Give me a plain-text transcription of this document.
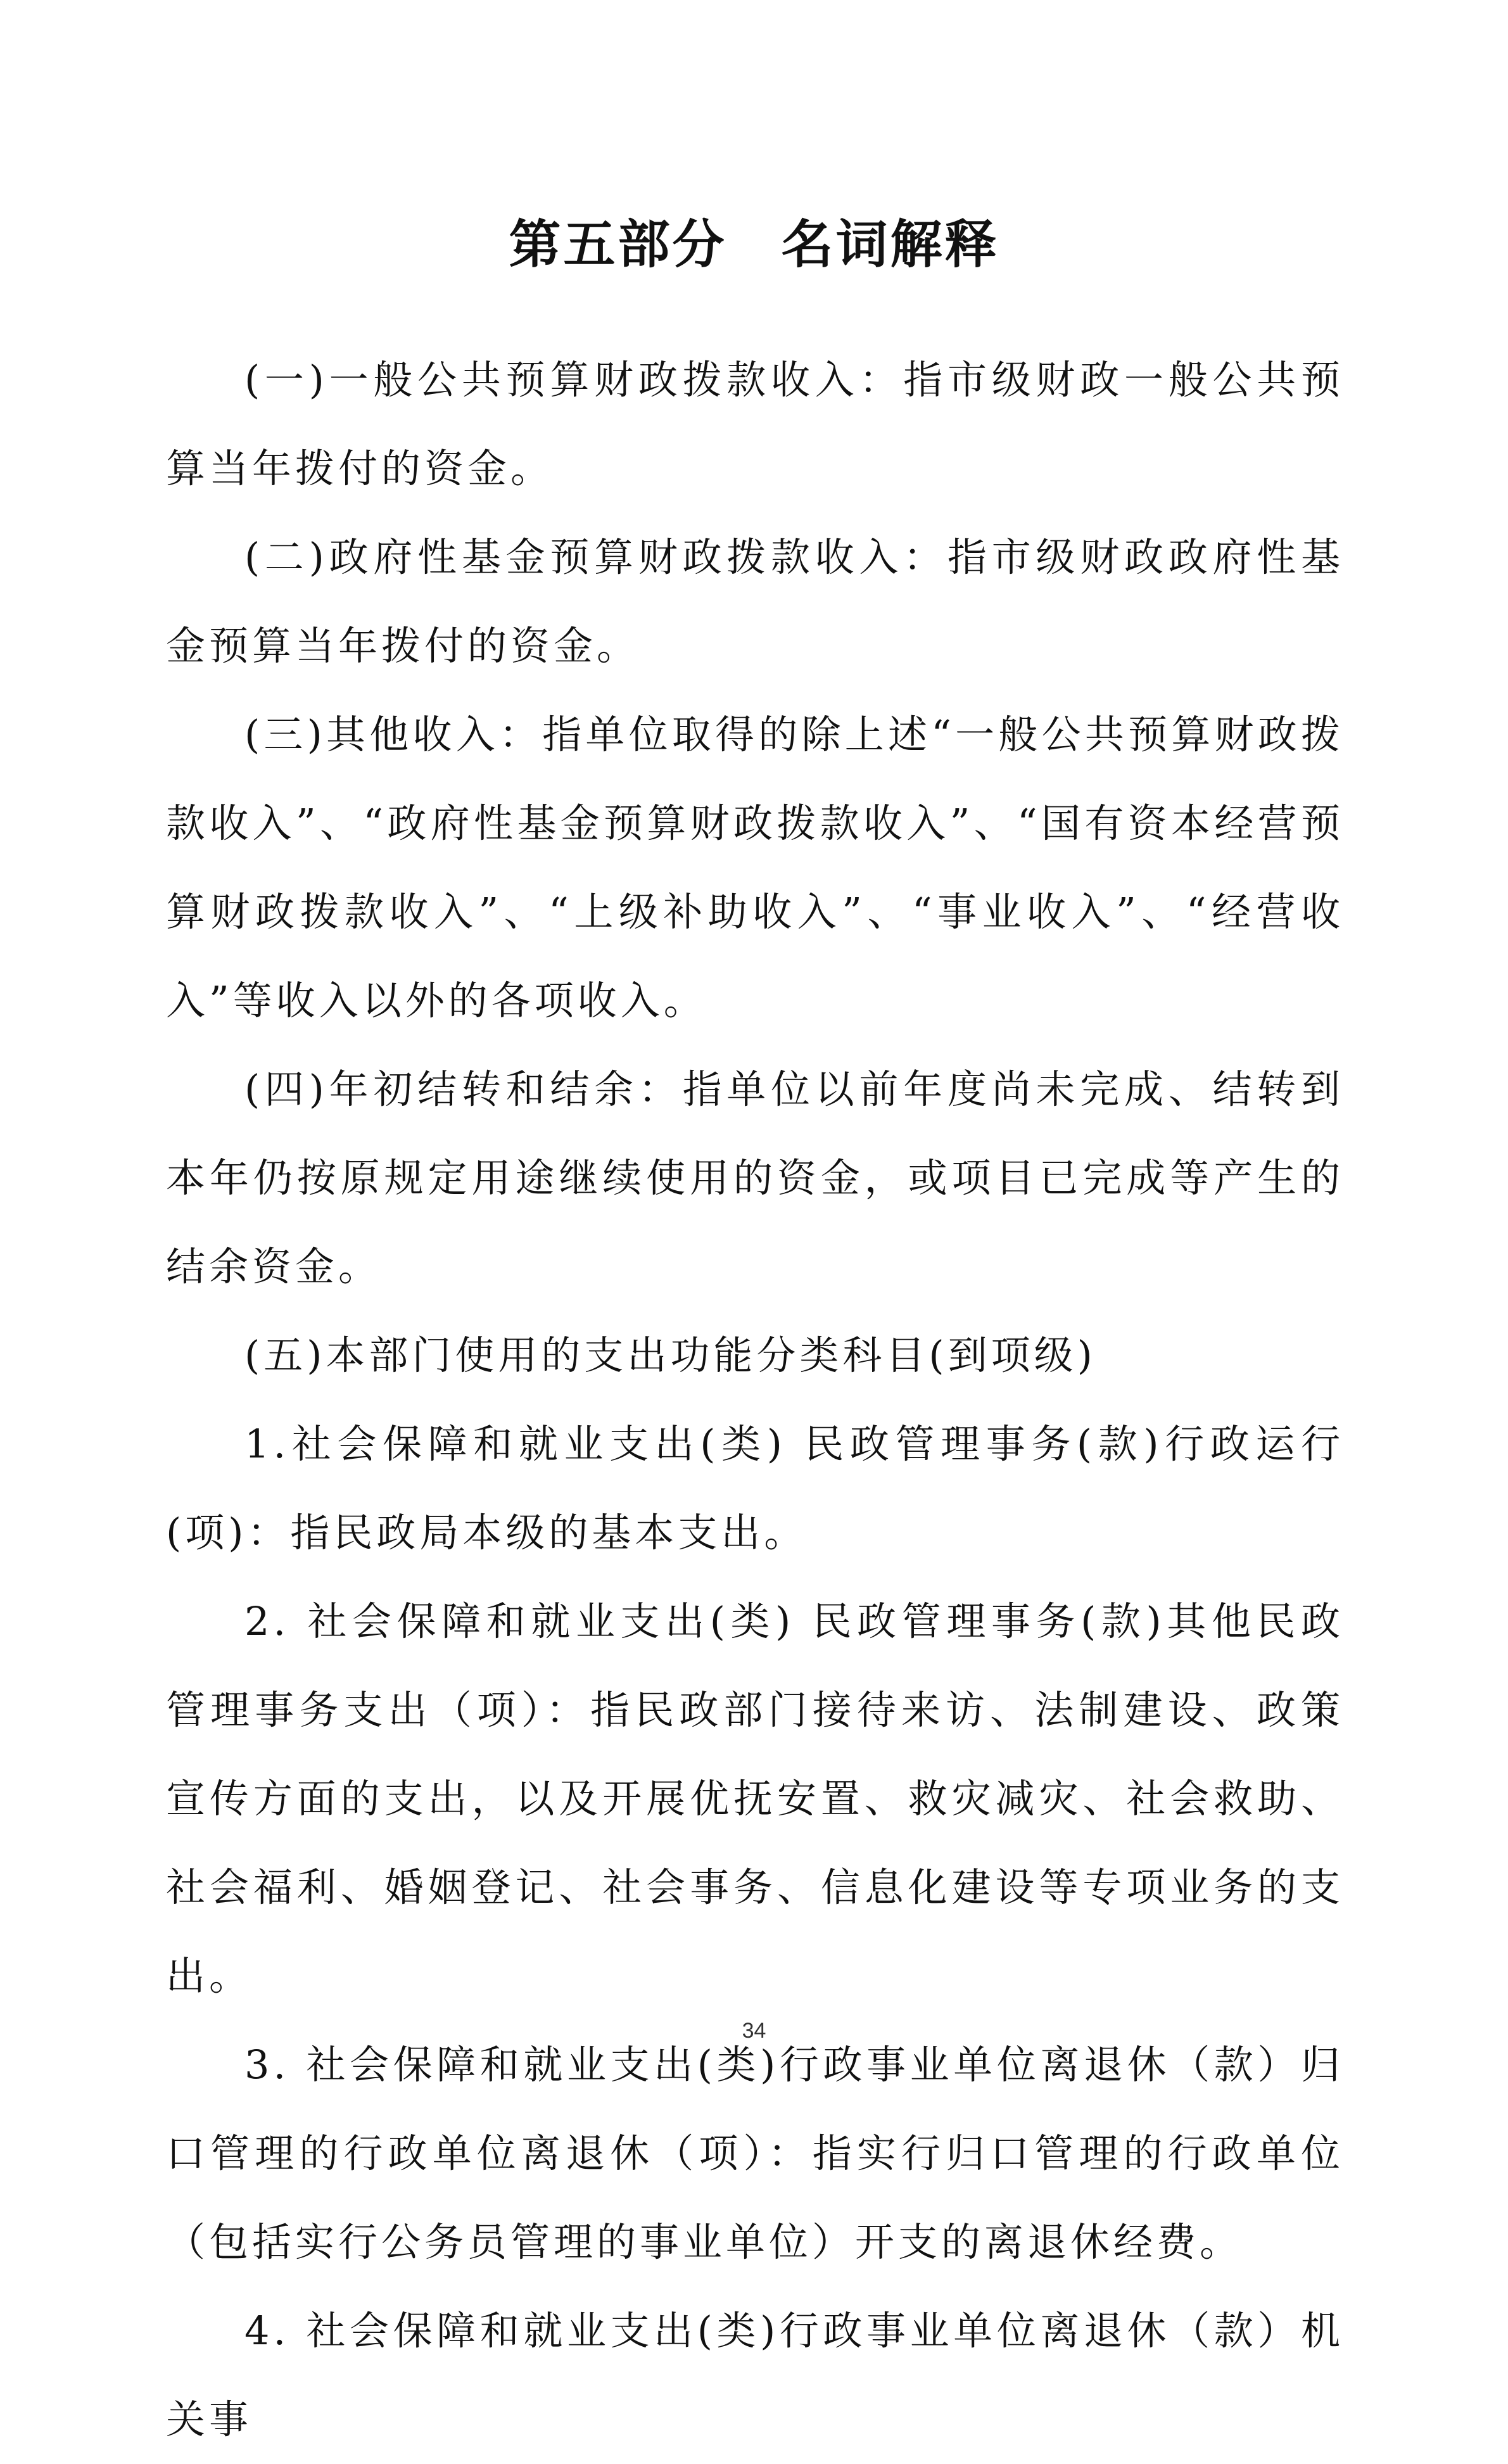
第五部分　名词解释

(一)一般公共预算财政拨款收入：指市级财政一般公共预算当年拨付的资金。

(二)政府性基金预算财政拨款收入：指市级财政政府性基金预算当年拨付的资金。

(三)其他收入：指单位取得的除上述“一般公共预算财政拨款收入”、“政府性基金预算财政拨款收入”、“国有资本经营预算财政拨款收入”、“上级补助收入”、“事业收入”、“经营收入”等收入以外的各项收入。

(四)年初结转和结余：指单位以前年度尚未完成、结转到本年仍按原规定用途继续使用的资金，或项目已完成等产生的结余资金。

(五)本部门使用的支出功能分类科目(到项级)

1.社会保障和就业支出(类) 民政管理事务(款)行政运行(项)：指民政局本级的基本支出。

2. 社会保障和就业支出(类) 民政管理事务(款)其他民政管理事务支出（项）：指民政部门接待来访、法制建设、政策宣传方面的支出，以及开展优抚安置、救灾减灾、社会救助、社会福利、婚姻登记、社会事务、信息化建设等专项业务的支出。

3. 社会保障和就业支出(类)行政事业单位离退休（款）归口管理的行政单位离退休（项）：指实行归口管理的行政单位（包括实行公务员管理的事业单位）开支的离退休经费。

4. 社会保障和就业支出(类)行政事业单位离退休（款）机关事

34
